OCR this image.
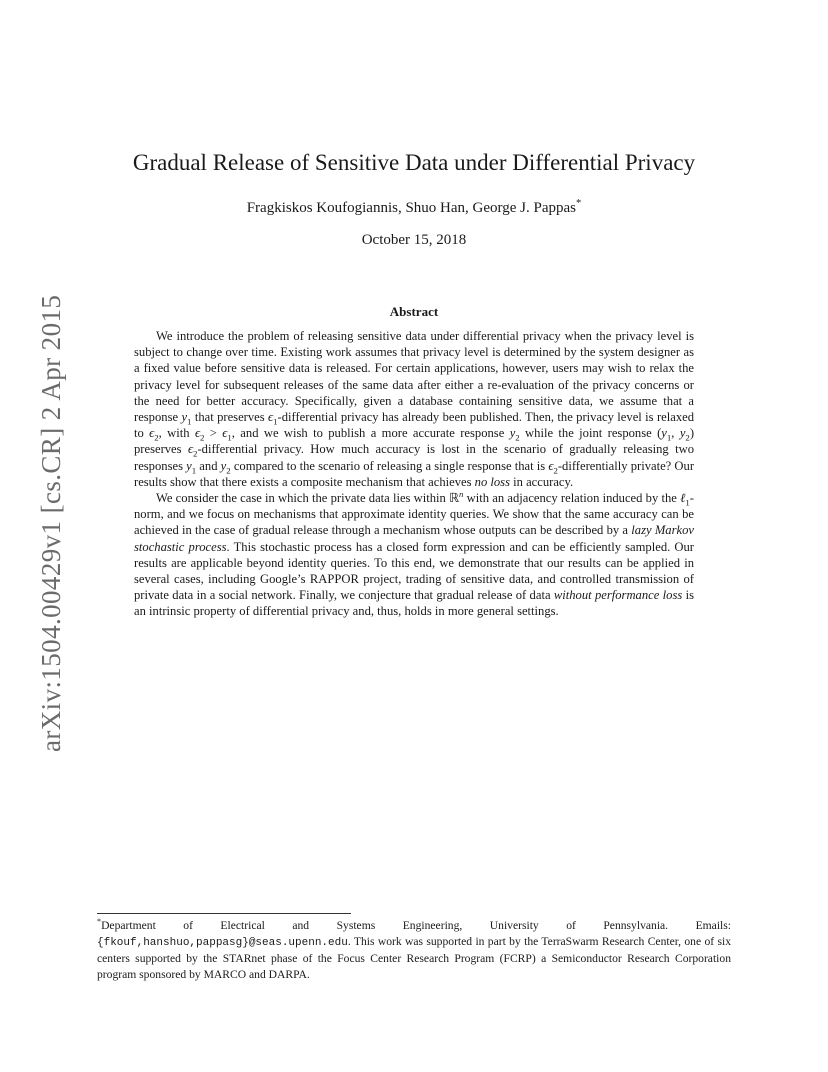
arXiv:1504.00429v1 [cs.CR] 2 Apr 2015
Gradual Release of Sensitive Data under Differential Privacy
Fragkiskos Koufogiannis, Shuo Han, George J. Pappas*
October 15, 2018
Abstract

We introduce the problem of releasing sensitive data under differential privacy when the privacy level is subject to change over time. Existing work assumes that privacy level is determined by the system designer as a fixed value before sensitive data is released. For certain applications, however, users may wish to relax the privacy level for subsequent releases of the same data after either a re-evaluation of the privacy concerns or the need for better accuracy. Specifically, given a database containing sensitive data, we assume that a response $y_1$ that preserves $\epsilon_1$-differential privacy has already been published. Then, the privacy level is relaxed to $\epsilon_2$, with $\epsilon_2 > \epsilon_1$, and we wish to publish a more accurate response $y_2$ while the joint response ($y_1$, $y_2$) preserves $\epsilon_2$-differential privacy. How much accuracy is lost in the scenario of gradually releasing two responses $y_1$ and $y_2$ compared to the scenario of releasing a single response that is $\epsilon_2$-differentially private? Our results show that there exists a composite mechanism that achieves no loss in accuracy.

We consider the case in which the private data lies within ℝ$^n$ with an adjacency relation induced by the ℓ$_1$-norm, and we focus on mechanisms that approximate identity queries. We show that the same accuracy can be achieved in the case of gradual release through a mechanism whose outputs can be described by a lazy Markov stochastic process. This stochastic process has a closed form expression and can be efficiently sampled. Our results are applicable beyond identity queries. To this end, we demonstrate that our results can be applied in several cases, including Google’s RAPPOR project, trading of sensitive data, and controlled transmission of private data in a social network. Finally, we conjecture that gradual release of data without performance loss is an intrinsic property of differential privacy and, thus, holds in more general settings.

*Department of Electrical and Systems Engineering, University of Pennsylvania. Emails: {fkouf,hanshuo,pappasg}@seas.upenn.edu. This work was supported in part by the TerraSwarm Research Center, one of six centers supported by the STARnet phase of the Focus Center Research Program (FCRP) a Semiconductor Research Corporation program sponsored by MARCO and DARPA.
